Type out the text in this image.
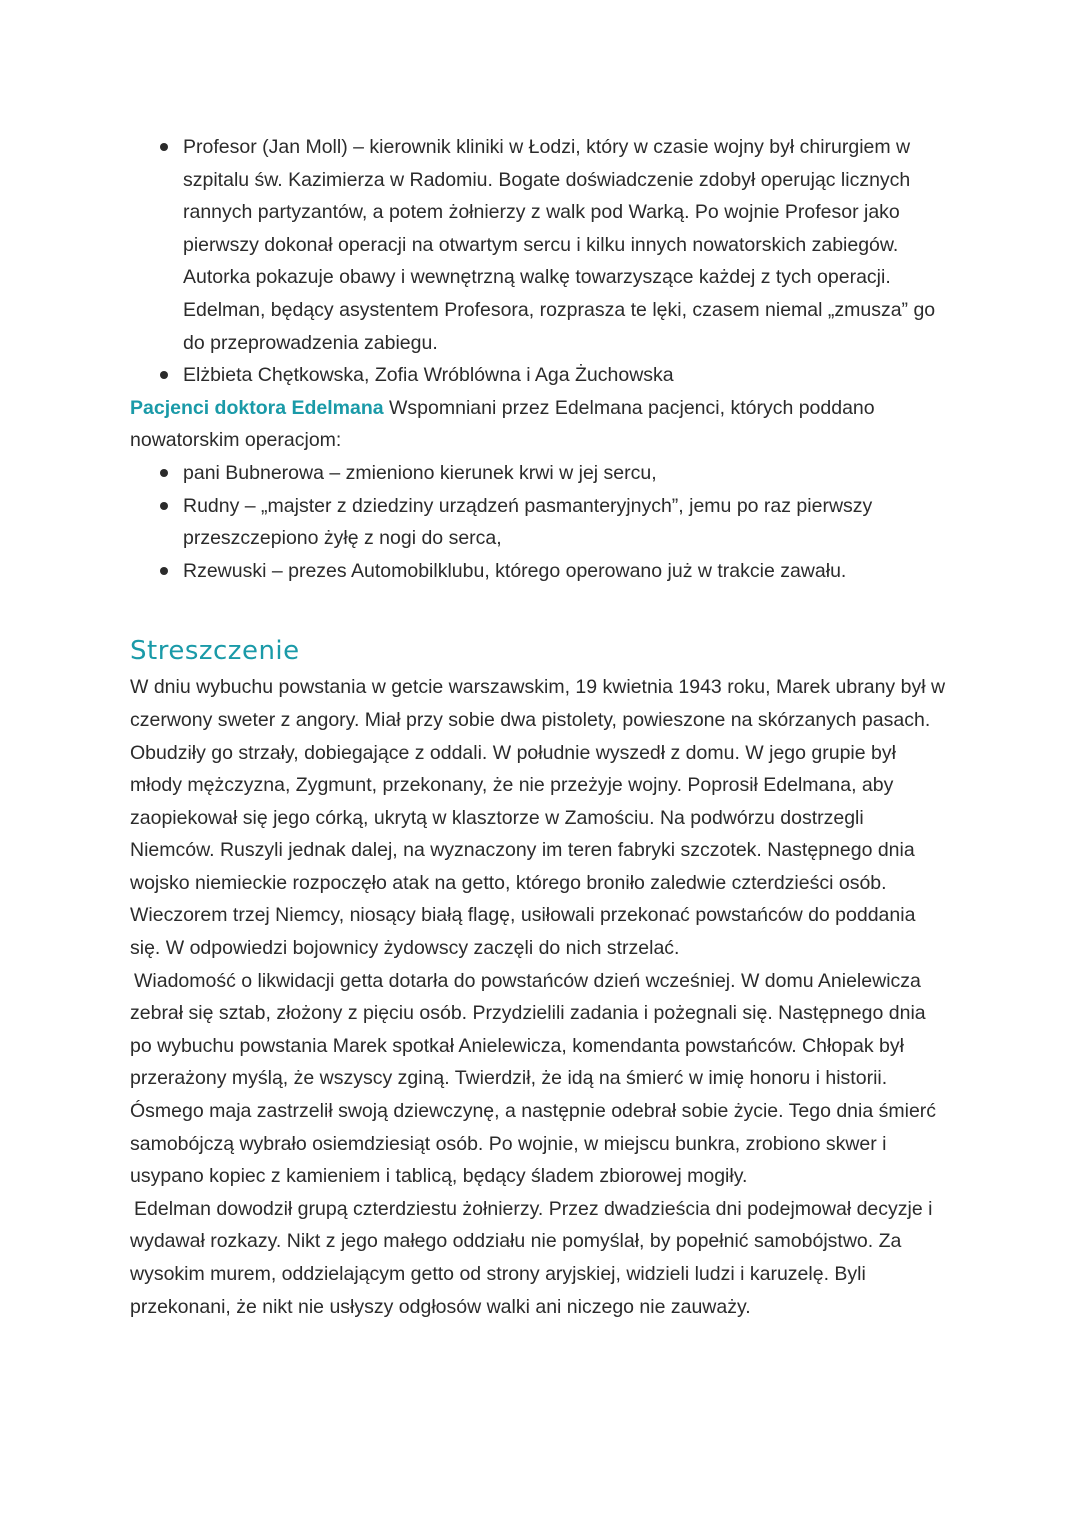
Profesor (Jan Moll) – kierownik kliniki w Łodzi, który w czasie wojny był chirurgiem w szpitalu św. Kazimierza w Radomiu. Bogate doświadczenie zdobył operując licznych rannych partyzantów, a potem żołnierzy z walk pod Warką. Po wojnie Profesor jako pierwszy dokonał operacji na otwartym sercu i kilku innych nowatorskich zabiegów. Autorka pokazuje obawy i wewnętrzną walkę towarzyszące każdej z tych operacji. Edelman, będący asystentem Profesora, rozprasza te lęki, czasem niemal „zmusza” go do przeprowadzenia zabiegu.
Elżbieta Chętkowska, Zofia Wróblówna i Aga Żuchowska

Pacjenci doktora Edelmana Wspomniani przez Edelmana pacjenci, których poddano nowatorskim operacjom:

pani Bubnerowa – zmieniono kierunek krwi w jej sercu,
Rudny – „majster z dziedziny urządzeń pasmanteryjnych”, jemu po raz pierwszy przeszczepiono żyłę z nogi do serca,
Rzewuski – prezes Automobilklubu, którego operowano już w trakcie zawału.
Streszczenie

W dniu wybuchu powstania w getcie warszawskim, 19 kwietnia 1943 roku, Marek ubrany był w czerwony sweter z angory. Miał przy sobie dwa pistolety, powieszone na skórzanych pasach. Obudziły go strzały, dobiegające z oddali. W południe wyszedł z domu. W jego grupie był młody mężczyzna, Zygmunt, przekonany, że nie przeżyje wojny. Poprosił Edelmana, aby zaopiekował się jego córką, ukrytą w klasztorze w Zamościu. Na podwórzu dostrzegli Niemców. Ruszyli jednak dalej, na wyznaczony im teren fabryki szczotek. Następnego dnia wojsko niemieckie rozpoczęło atak na getto, którego broniło zaledwie czterdzieści osób. Wieczorem trzej Niemcy, niosący białą flagę, usiłowali przekonać powstańców do poddania się. W odpowiedzi bojownicy żydowscy zaczęli do nich strzelać.

Wiadomość o likwidacji getta dotarła do powstańców dzień wcześniej. W domu Anielewicza zebrał się sztab, złożony z pięciu osób. Przydzielili zadania i pożegnali się. Następnego dnia po wybuchu powstania Marek spotkał Anielewicza, komendanta powstańców. Chłopak był przerażony myślą, że wszyscy zginą. Twierdził, że idą na śmierć w imię honoru i historii. Ósmego maja zastrzelił swoją dziewczynę, a następnie odebrał sobie życie. Tego dnia śmierć samobójczą wybrało osiemdziesiąt osób. Po wojnie, w miejscu bunkra, zrobiono skwer i usypano kopiec z kamieniem i tablicą, będący śladem zbiorowej mogiły.

Edelman dowodził grupą czterdziestu żołnierzy. Przez dwadzieścia dni podejmował decyzje i wydawał rozkazy. Nikt z jego małego oddziału nie pomyślał, by popełnić samobójstwo. Za wysokim murem, oddzielającym getto od strony aryjskiej, widzieli ludzi i karuzelę. Byli przekonani, że nikt nie usłyszy odgłosów walki ani niczego nie zauważy.
